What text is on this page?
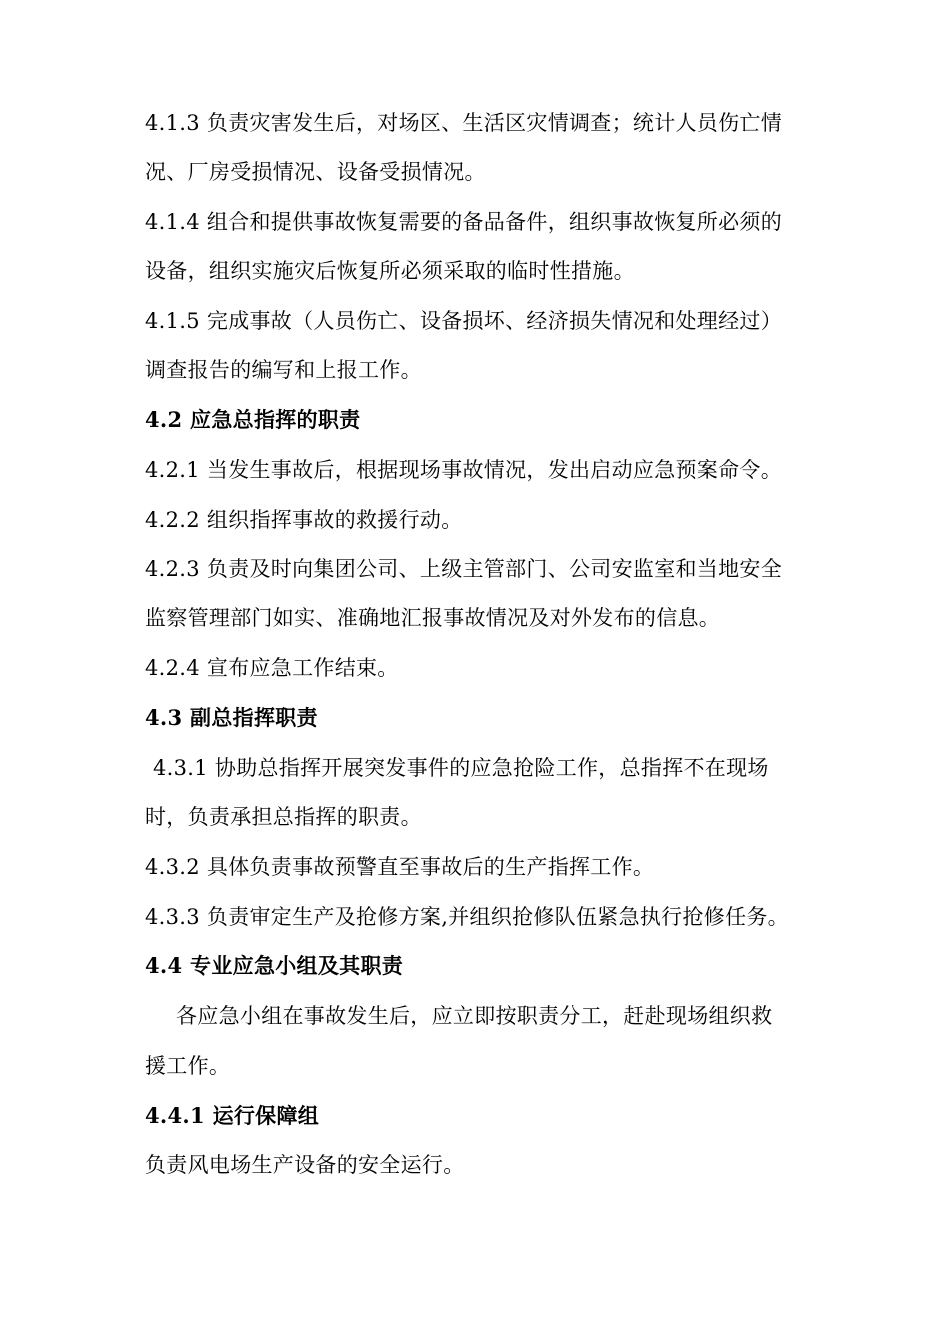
4.1.3 负责灾害发生后，对场区、生活区灾情调查；统计人员伤亡情
况、厂房受损情况、设备受损情况。
4.1.4 组合和提供事故恢复需要的备品备件，组织事故恢复所必须的
设备，组织实施灾后恢复所必须采取的临时性措施。
4.1.5 完成事故（人员伤亡、设备损坏、经济损失情况和处理经过）
调查报告的编写和上报工作。
4.2 应急总指挥的职责
4.2.1 当发生事故后，根据现场事故情况，发出启动应急预案命令。
4.2.2 组织指挥事故的救援行动。
4.2.3 负责及时向集团公司、上级主管部门、公司安监室和当地安全
监察管理部门如实、准确地汇报事故情况及对外发布的信息。
4.2.4 宣布应急工作结束。
4.3 副总指挥职责
4.3.1 协助总指挥开展突发事件的应急抢险工作，总指挥不在现场
时，负责承担总指挥的职责。
4.3.2 具体负责事故预警直至事故后的生产指挥工作。
4.3.3 负责审定生产及抢修方案,并组织抢修队伍紧急执行抢修任务。
4.4 专业应急小组及其职责
各应急小组在事故发生后，应立即按职责分工，赶赴现场组织救
援工作。
4.4.1 运行保障组
负责风电场生产设备的安全运行。
